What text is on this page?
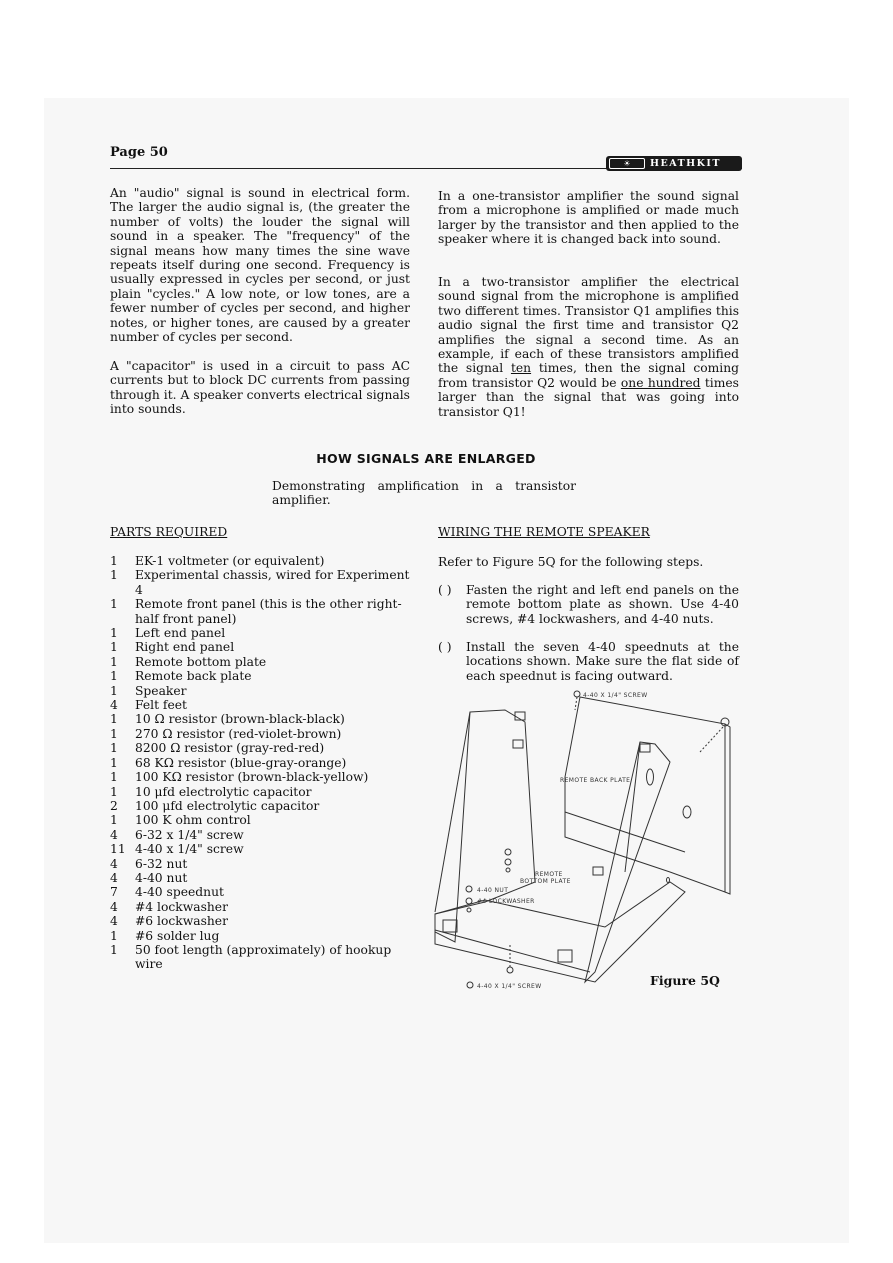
Page 50
☀	HEATHKIT
An "audio" signal is sound in electrical form. The larger the audio signal is, (the greater the number of volts) the louder the signal will sound in a speaker. The "frequency" of the signal means how many times the sine wave repeats itself during one second. Frequency is usually expressed in cycles per second, or just plain "cycles." A low note, or low tones, are a fewer number of cycles per second, and higher notes, or higher tones, are caused by a greater number of cycles per second.
A "capacitor" is used in a circuit to pass AC currents but to block DC currents from passing through it. A speaker converts electrical signals into sounds.
In a one-transistor amplifier the sound signal from a microphone is amplified or made much larger by the transistor and then applied to the speaker where it is changed back into sound.
In a two-transistor amplifier the electrical sound signal from the microphone is amplified two different times. Transistor Q1 amplifies this audio signal the first time and transistor Q2 amplifies the signal a second time. As an example, if each of these transistors amplified the signal ten times, then the signal coming from transistor Q2 would be one hundred times larger than the signal that was going into transistor Q1!
HOW SIGNALS ARE ENLARGED
Demonstrating amplification in a transistor amplifier.
PARTS REQUIRED
1	EK-1 voltmeter (or equivalent)
1	Experimental chassis, wired for Experiment 4
1	Remote front panel (this is the other right-half front panel)
1	Left end panel
1	Right end panel
1	Remote bottom plate
1	Remote back plate
1	Speaker
4	Felt feet
1	10 Ω resistor (brown-black-black)
1	270 Ω resistor (red-violet-brown)
1	8200 Ω resistor (gray-red-red)
1	68 KΩ resistor (blue-gray-orange)
1	100 KΩ resistor (brown-black-yellow)
1	10 μfd electrolytic capacitor
2	100 μfd electrolytic capacitor
1	100 K ohm control
4	6-32 x 1/4" screw
11 4-40 x 1/4" screw
4	6-32 nut
4	4-40 nut
7	4-40 speednut
4	#4 lockwasher
4	#6 lockwasher
1	#6 solder lug
1	50 foot length (approximately) of hookup wire
WIRING THE REMOTE SPEAKER
Refer to Figure 5Q for the following steps.
( )	Fasten the right and left end panels on the remote bottom plate as shown. Use 4-40 screws, #4 lockwashers, and 4-40 nuts.
( )	Install the seven 4-40 speednuts at the locations shown. Make sure the flat side of each speednut is facing outward.
4-40 X 1/4" SCREW
REMOTE BACK PLATE
REMOTE
BOTTOM PLATE
4-40 NUT
#4 LOCKWASHER
4-40 X 1/4" SCREW	Figure 5Q
